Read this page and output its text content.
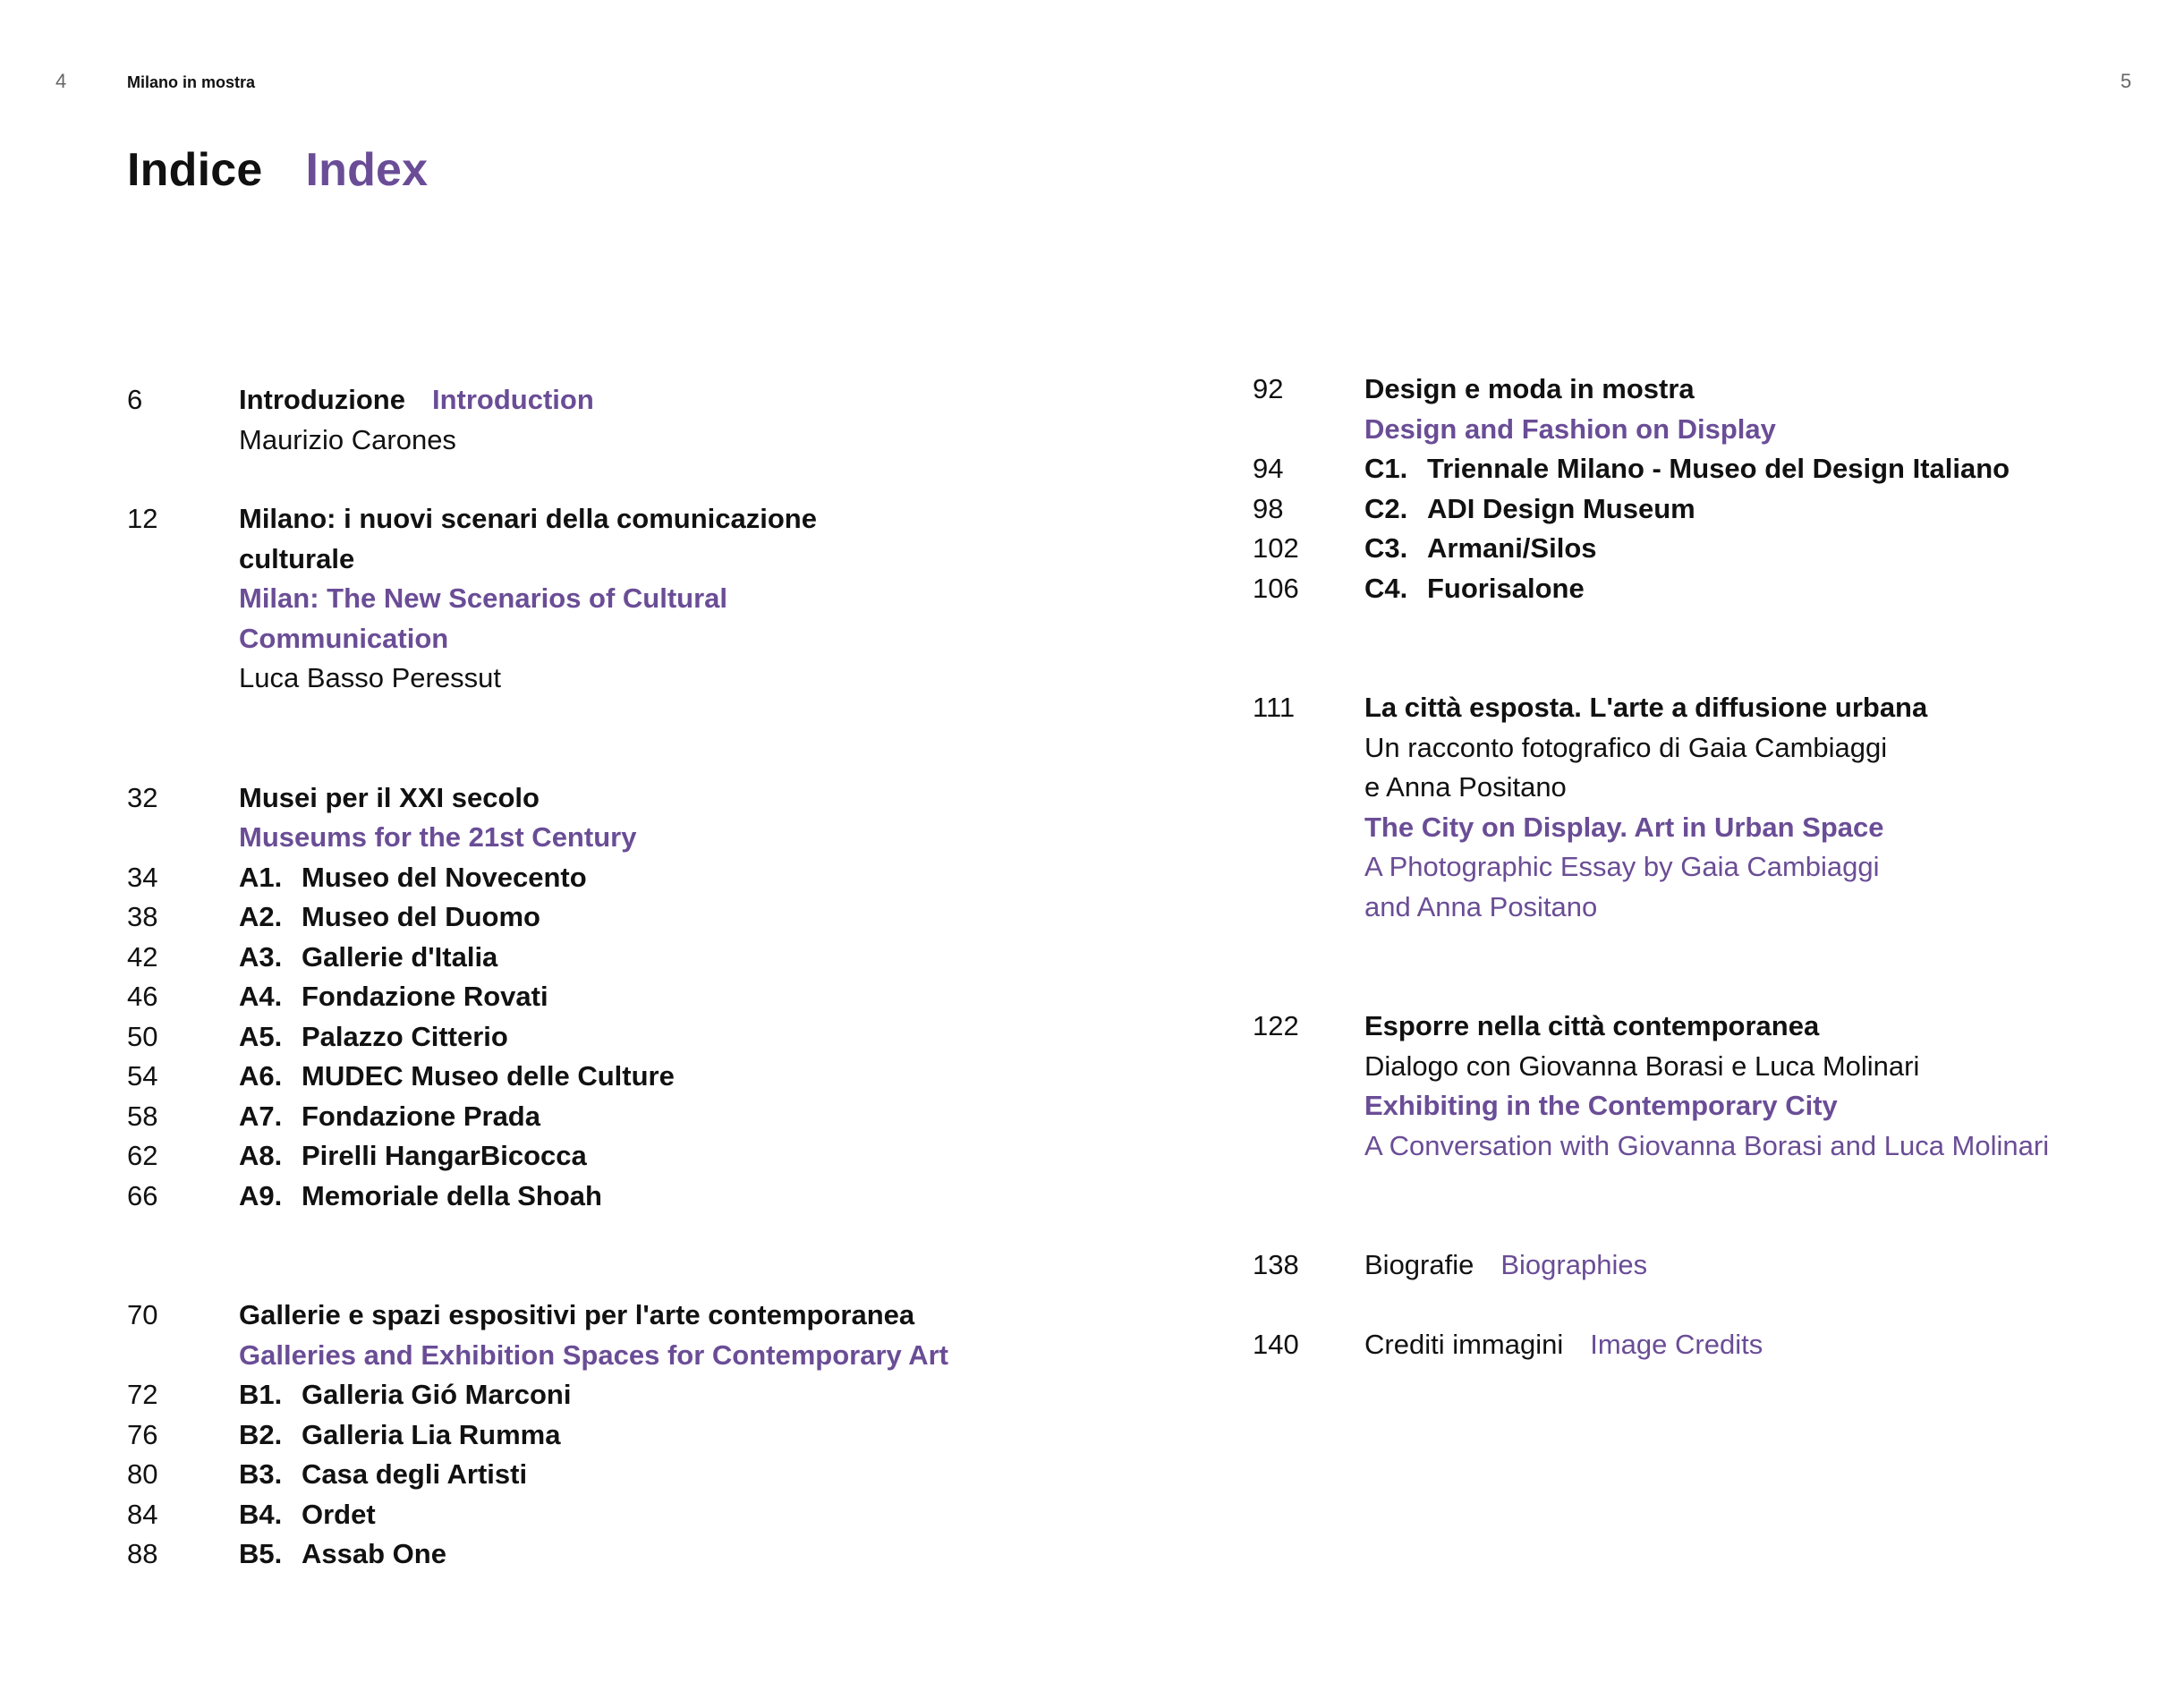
4	5
Milano in mostra
Indice Index
6	Introduzione Introduction
Maurizio Carones
12	Milano: i nuovi scenari della comunicazione
culturale
Milan: The New Scenarios of Cultural
Communication
Luca Basso Peressut
32	Musei per il XXI secolo
Museums for the 21st Century
34	A1. Museo del Novecento
38	A2. Museo del Duomo
42	A3. Gallerie d'Italia
46	A4. Fondazione Rovati
50	A5. Palazzo Citterio
54	A6. MUDEC Museo delle Culture
58	A7. Fondazione Prada
62	A8. Pirelli HangarBicocca
66	A9. Memoriale della Shoah
70	Gallerie e spazi espositivi per l'arte contemporanea
Galleries and Exhibition Spaces for Contemporary Art
72	B1. Galleria Gió Marconi
76	B2. Galleria Lia Rumma
80	B3. Casa degli Artisti
84	B4. Ordet
88	B5. Assab One
92	Design e moda in mostra
Design and Fashion on Display
94	C1. Triennale Milano - Museo del Design Italiano
98	C2. ADI Design Museum
102 C3. Armani/Silos
106 C4. Fuorisalone
111	La città esposta. L'arte a diffusione urbana
Un racconto fotografico di Gaia Cambiaggi
e Anna Positano
The City on Display. Art in Urban Space
A Photographic Essay by Gaia Cambiaggi
and Anna Positano
122 Esporre nella città contemporanea
Dialogo con Giovanna Borasi e Luca Molinari
Exhibiting in the Contemporary City
A Conversation with Giovanna Borasi and Luca Molinari
138 Biografie Biographies
140 Crediti immagini Image Credits
